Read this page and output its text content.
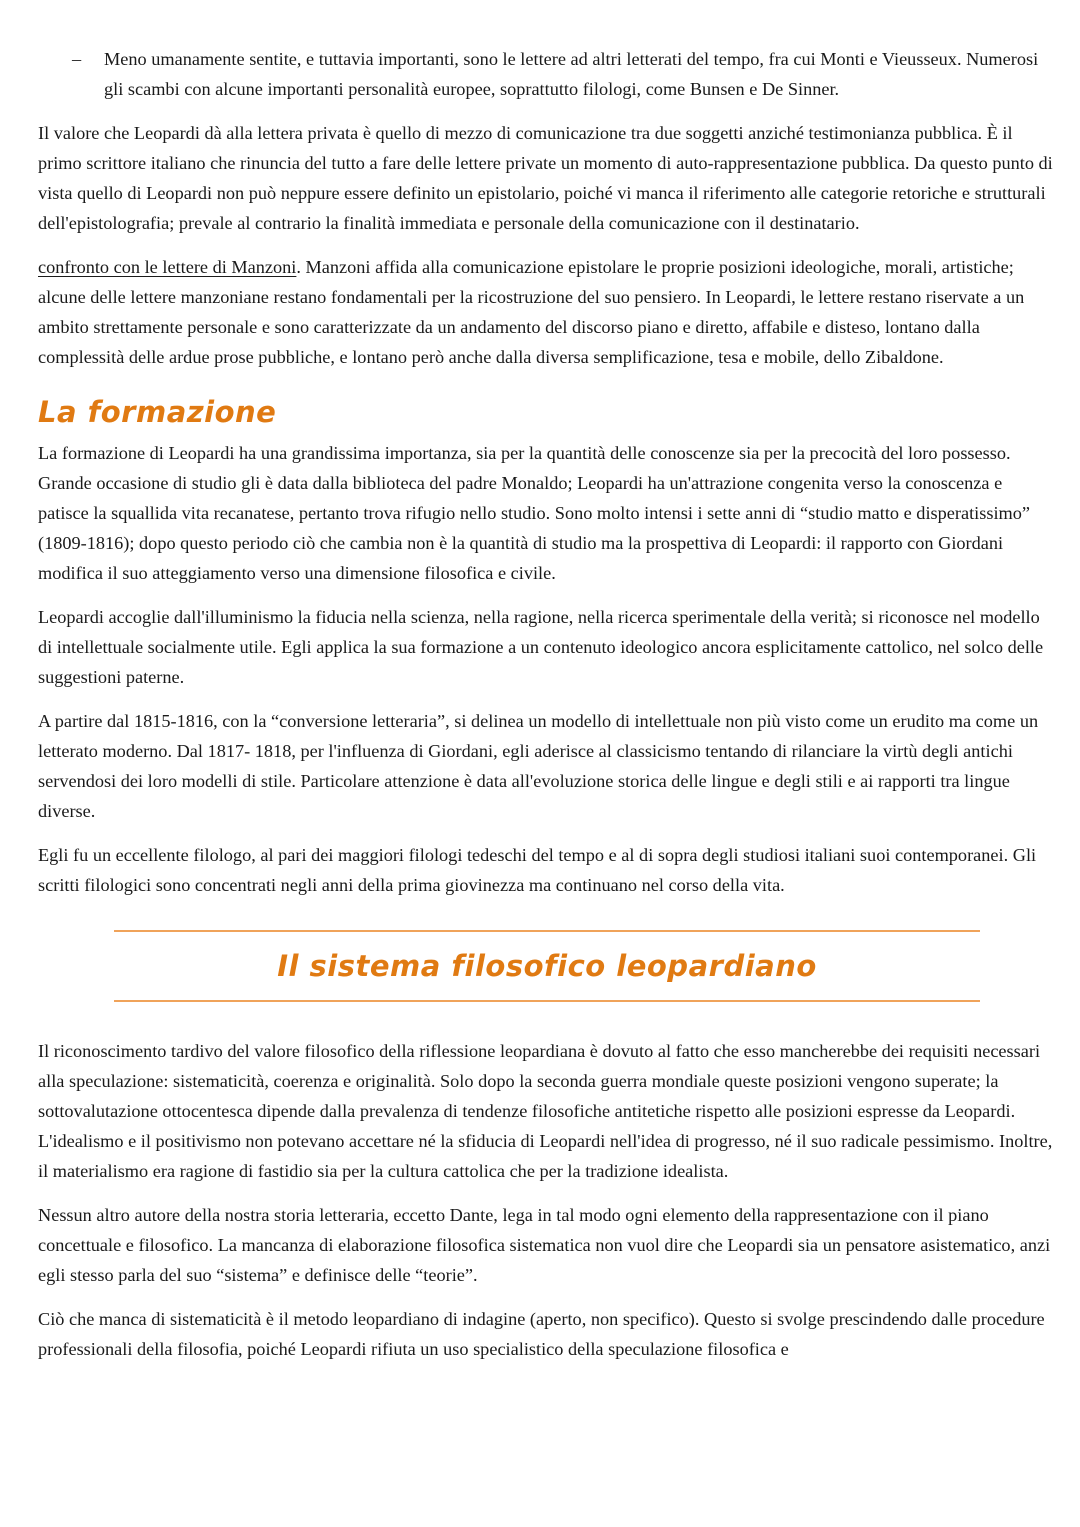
–	Meno umanamente sentite, e tuttavia importanti, sono le lettere ad altri letterati del tempo, fra cui Monti e Vieusseux. Numerosi gli scambi con alcune importanti personalità europee, soprattutto filologi, come Bunsen e De Sinner.

Il valore che Leopardi dà alla lettera privata è quello di mezzo di comunicazione tra due soggetti anziché testimonianza pubblica. È il primo scrittore italiano che rinuncia del tutto a fare delle lettere private un momento di auto-rappresentazione pubblica. Da questo punto di vista quello di Leopardi non può neppure essere definito un epistolario, poiché vi manca il riferimento alle categorie retoriche e strutturali dell'epistolografia; prevale al contrario la finalità immediata e personale della comunicazione con il destinatario.

confronto con le lettere di Manzoni. Manzoni affida alla comunicazione epistolare le proprie posizioni ideologiche, morali, artistiche; alcune delle lettere manzoniane restano fondamentali per la ricostruzione del suo pensiero. In Leopardi, le lettere restano riservate a un ambito strettamente personale e sono caratterizzate da un andamento del discorso piano e diretto, affabile e disteso, lontano dalla complessità delle ardue prose pubbliche, e lontano però anche dalla diversa semplificazione, tesa e mobile, dello Zibaldone.

La formazione

La formazione di Leopardi ha una grandissima importanza, sia per la quantità delle conoscenze sia per la precocità del loro possesso. Grande occasione di studio gli è data dalla biblioteca del padre Monaldo; Leopardi ha un'attrazione congenita verso la conoscenza e patisce la squallida vita recanatese, pertanto trova rifugio nello studio. Sono molto intensi i sette anni di “studio matto e disperatissimo” (1809-1816); dopo questo periodo ciò che cambia non è la quantità di studio ma la prospettiva di Leopardi: il rapporto con Giordani modifica il suo atteggiamento verso una dimensione filosofica e civile.

Leopardi accoglie dall'illuminismo la fiducia nella scienza, nella ragione, nella ricerca sperimentale della verità; si riconosce nel modello di intellettuale socialmente utile. Egli applica la sua formazione a un contenuto ideologico ancora esplicitamente cattolico, nel solco delle suggestioni paterne.

A partire dal 1815-1816, con la “conversione letteraria”, si delinea un modello di intellettuale non più visto come un erudito ma come un letterato moderno. Dal 1817- 1818, per l'influenza di Giordani, egli aderisce al classicismo tentando di rilanciare la virtù degli antichi servendosi dei loro modelli di stile. Particolare attenzione è data all'evoluzione storica delle lingue e degli stili e ai rapporti tra lingue diverse.

Egli fu un eccellente filologo, al pari dei maggiori filologi tedeschi del tempo e al di sopra degli studiosi italiani suoi contemporanei. Gli scritti filologici sono concentrati negli anni della prima giovinezza ma continuano nel corso della vita.

Il sistema filosofico leopardiano

Il riconoscimento tardivo del valore filosofico della riflessione leopardiana è dovuto al fatto che esso mancherebbe dei requisiti necessari alla speculazione: sistematicità, coerenza e originalità. Solo dopo la seconda guerra mondiale queste posizioni vengono superate; la sottovalutazione ottocentesca dipende dalla prevalenza di tendenze filosofiche antitetiche rispetto alle posizioni espresse da Leopardi. L'idealismo e il positivismo non potevano accettare né la sfiducia di Leopardi nell'idea di progresso, né il suo radicale pessimismo. Inoltre, il materialismo era ragione di fastidio sia per la cultura cattolica che per la tradizione idealista.

Nessun altro autore della nostra storia letteraria, eccetto Dante, lega in tal modo ogni elemento della rappresentazione con il piano concettuale e filosofico. La mancanza di elaborazione filosofica sistematica non vuol dire che Leopardi sia un pensatore asistematico, anzi egli stesso parla del suo “sistema” e definisce delle “teorie”.

Ciò che manca di sistematicità è il metodo leopardiano di indagine (aperto, non specifico). Questo si svolge prescindendo dalle procedure professionali della filosofia, poiché Leopardi rifiuta un uso specialistico della speculazione filosofica e
